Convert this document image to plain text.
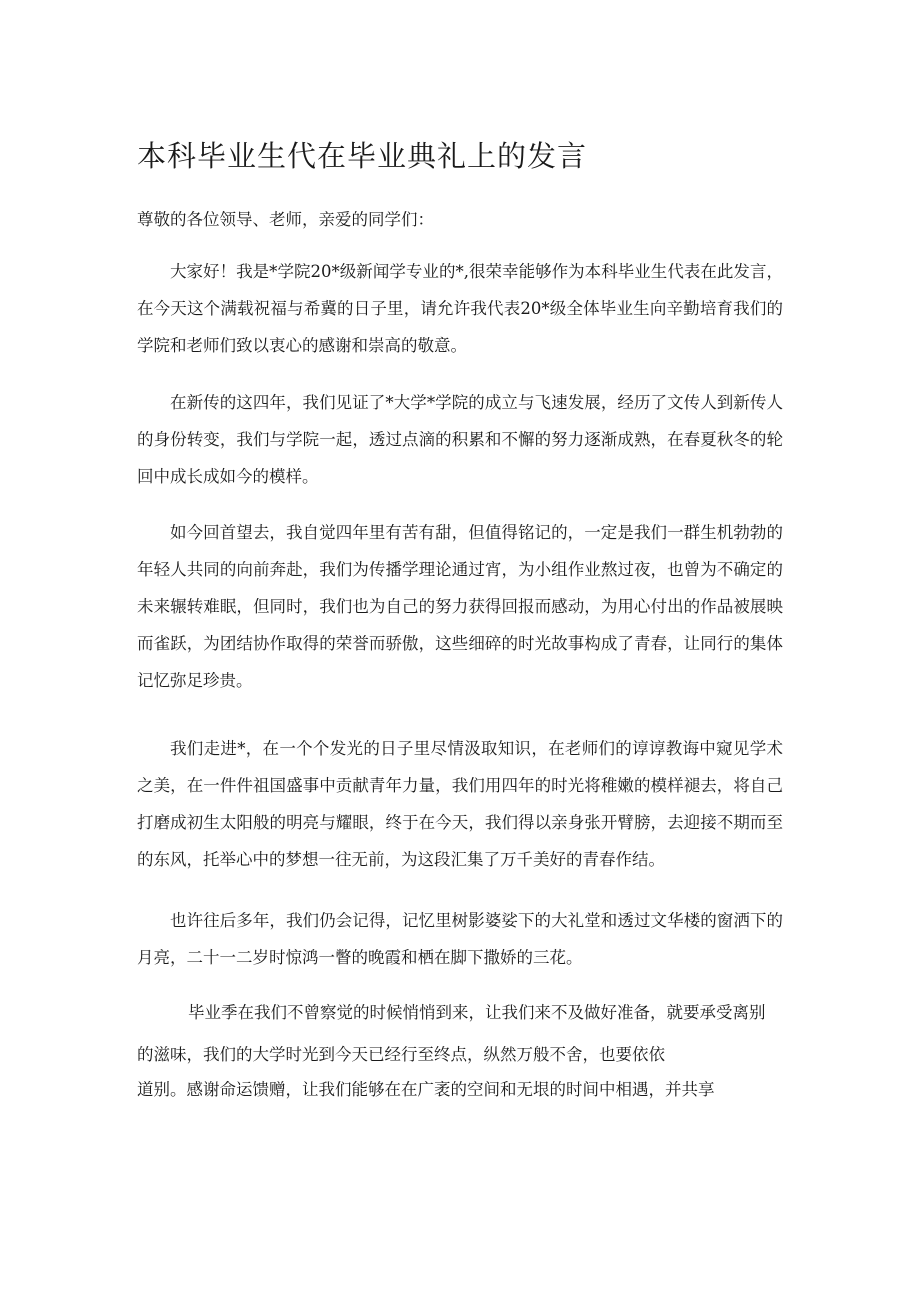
本科毕业生代在毕业典礼上的发言

尊敬的各位领导、老师，亲爱的同学们：

大家好！我是*学院20*级新闻学专业的*,很荣幸能够作为本科毕业生代表在此发言，在今天这个满载祝福与希冀的日子里，请允许我代表20*级全体毕业生向辛勤培育我们的学院和老师们致以衷心的感谢和崇高的敬意。

在新传的这四年，我们见证了*大学*学院的成立与飞速发展，经历了文传人到新传人的身份转变，我们与学院一起，透过点滴的积累和不懈的努力逐渐成熟，在春夏秋冬的轮回中成长成如今的模样。

如今回首望去，我自觉四年里有苦有甜，但值得铭记的，一定是我们一群生机勃勃的年轻人共同的向前奔赴，我们为传播学理论通过宵，为小组作业熬过夜，也曾为不确定的未来辗转难眠，但同时，我们也为自己的努力获得回报而感动，为用心付出的作品被展映而雀跃，为团结协作取得的荣誉而骄傲，这些细碎的时光故事构成了青春，让同行的集体记忆弥足珍贵。

我们走进*，在一个个发光的日子里尽情汲取知识，在老师们的谆谆教诲中窥见学术之美，在一件件祖国盛事中贡献青年力量，我们用四年的时光将稚嫩的模样褪去，将自己打磨成初生太阳般的明亮与耀眼，终于在今天，我们得以亲身张开臂膀，去迎接不期而至的东风，托举心中的梦想一往无前，为这段汇集了万千美好的青春作结。

也许往后多年，我们仍会记得，记忆里树影婆娑下的大礼堂和透过文华楼的窗洒下的月亮，二十一二岁时惊鸿一瞥的晚霞和栖在脚下撒娇的三花。

毕业季在我们不曾察觉的时候悄悄到来，让我们来不及做好准备，就要承受离别

的滋味，我们的大学时光到今天已经行至终点，纵然万般不舍，也要依依

道别。感谢命运馈赠，让我们能够在在广袤的空间和无垠的时间中相遇，并共享
